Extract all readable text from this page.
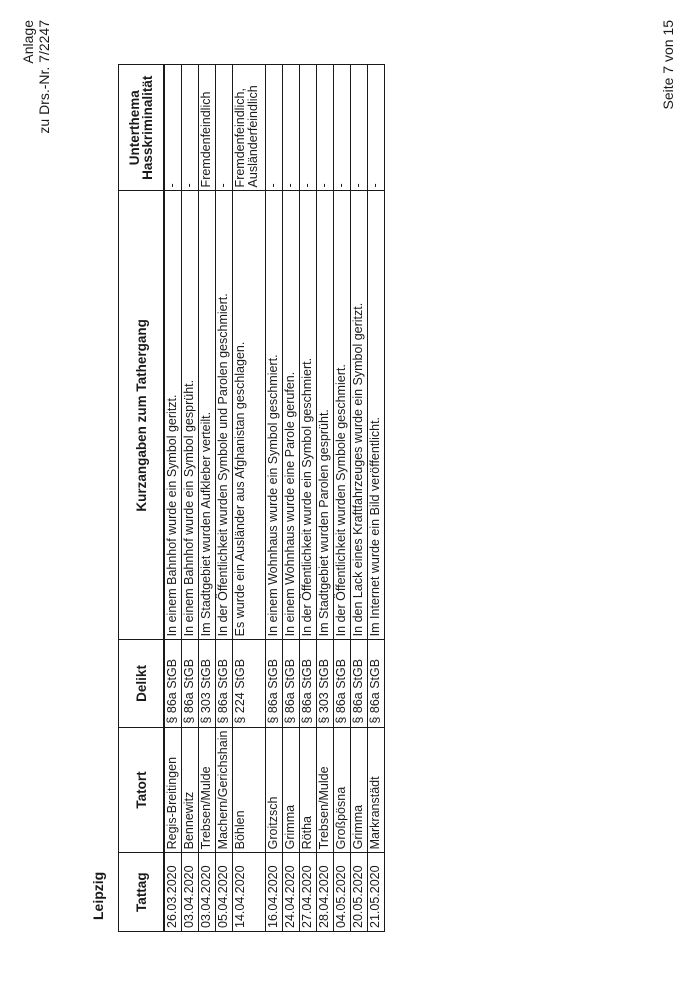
Anlage zu Drs.-Nr. 7/2247
Leipzig Tattag	Tatort	Delikt	Kurzangaben zum Tathergang	Unterthema Hasskriminalität
26.03.2020	Regis-Breitingen	§ 86a StGB	In einem Bahnhof wurde ein Symbol geritzt.	-
03.04.2020	Bennewitz	§ 86a StGB	In einem Bahnhof wurde ein Symbol gesprüht.	-
03.04.2020	Trebsen/Mulde	§ 303 StGB	Im Stadtgebiet wurden Aufkleber verteilt.	Fremdenfeindlich
05.04.2020	Machern/Gerichshain	§ 86a StGB	In der Öffentlichkeit wurden Symbole und Parolen geschmiert.	-
14.04.2020	Böhlen	§ 224 StGB	Es wurde ein Ausländer aus Afghanistan geschlagen.	Fremdenfeindlich, Ausländerfeindlich
16.04.2020	Groitzsch	§ 86a StGB	In einem Wohnhaus wurde ein Symbol geschmiert.	-
24.04.2020	Grimma	§ 86a StGB	In einem Wohnhaus wurde eine Parole gerufen.	-
27.04.2020	Rötha	§ 86a StGB	In der Öffentlichkeit wurde ein Symbol geschmiert.	-
28.04.2020	Trebsen/Mulde	§ 303 StGB	Im Stadtgebiet wurden Parolen gesprüht.	-
04.05.2020	Großpösna	§ 86a StGB	In der Öffentlichkeit wurden Symbole geschmiert.	-
20.05.2020	Grimma	§ 86a StGB	In den Lack eines Kraftfahrzeuges wurde ein Symbol geritzt.	-
21.05.2020	Markranstädt	§ 86a StGB	Im Internet wurde ein Bild veröffentlicht.	-
Seite 7 von 15
